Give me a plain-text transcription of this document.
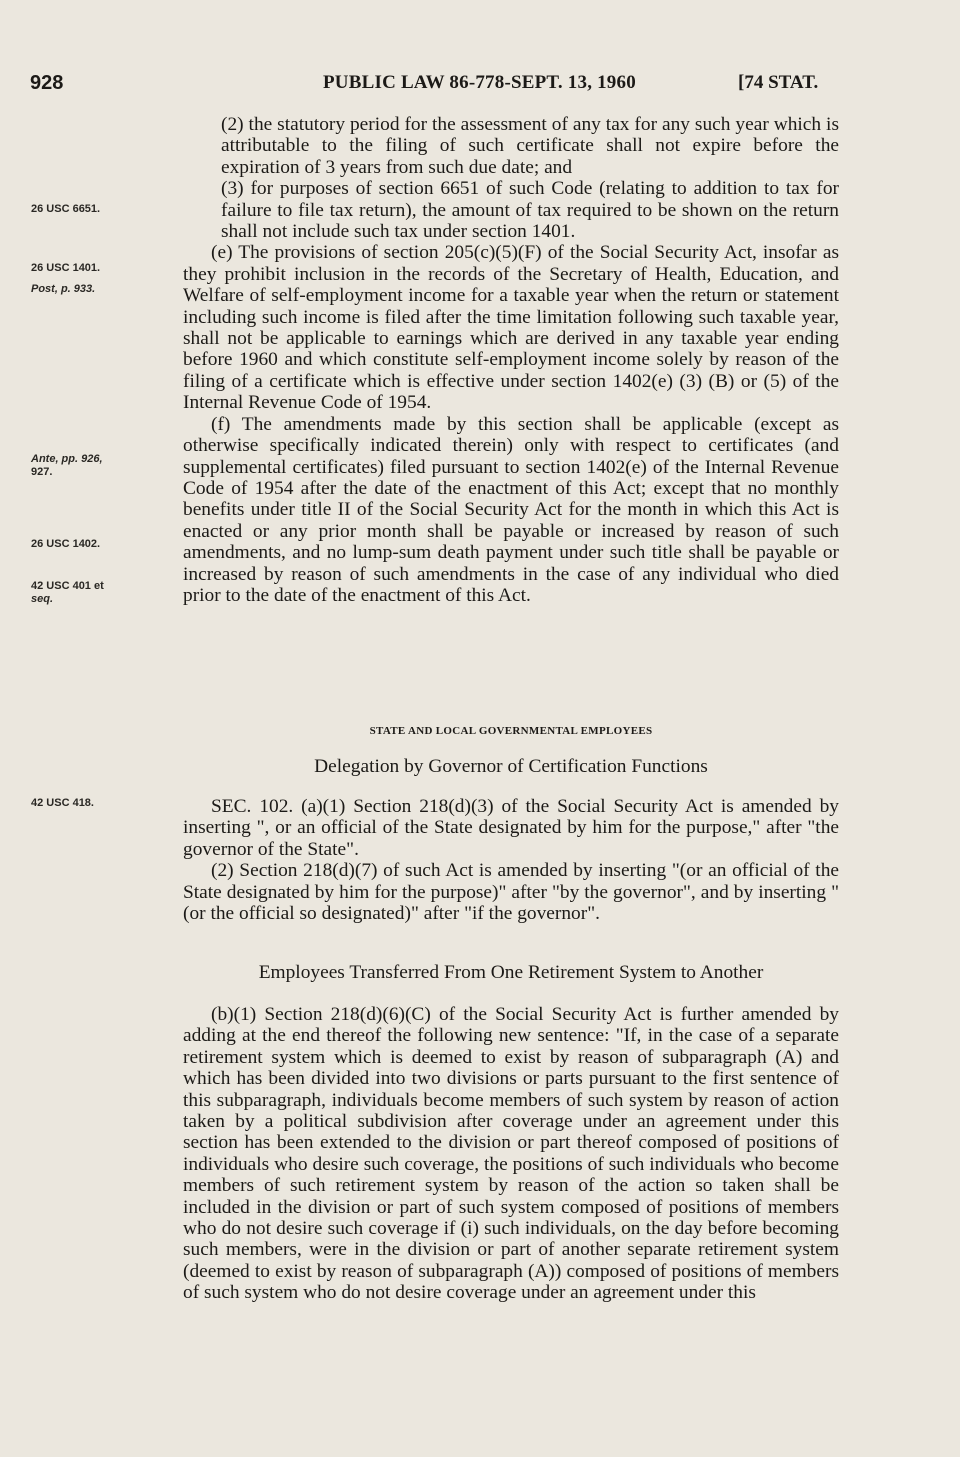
928	PUBLIC LAW 86-778-SEPT. 13, 1960	[74 STAT.
26 USC 6651.
26 USC 1401.
Post, p. 933.
Ante, pp. 926,
927.
26 USC 1402.
42 USC 401 et
seq.
42 USC 418.

(2) the statutory period for the assessment of any tax for any such year which is attributable to the filing of such certificate shall not expire before the expiration of 3 years from such due date; and

(3) for purposes of section 6651 of such Code (relating to addition to tax for failure to file tax return), the amount of tax required to be shown on the return shall not include such tax under section 1401.

(e) The provisions of section 205(c)(5)(F) of the Social Security Act, insofar as they prohibit inclusion in the records of the Secretary of Health, Education, and Welfare of self-employment income for a taxable year when the return or statement including such income is filed after the time limitation following such taxable year, shall not be applicable to earnings which are derived in any taxable year ending before 1960 and which constitute self-employment income solely by reason of the filing of a certificate which is effective under section 1402(e) (3) (B) or (5) of the Internal Revenue Code of 1954.

(f) The amendments made by this section shall be applicable (except as otherwise specifically indicated therein) only with respect to certificates (and supplemental certificates) filed pursuant to section 1402(e) of the Internal Revenue Code of 1954 after the date of the enactment of this Act; except that no monthly benefits under title II of the Social Security Act for the month in which this Act is enacted or any prior month shall be payable or increased by reason of such amendments, and no lump-sum death payment under such title shall be payable or increased by reason of such amendments in the case of any individual who died prior to the date of the enactment of this Act.

STATE AND LOCAL GOVERNMENTAL EMPLOYEES
Delegation by Governor of Certification Functions

SEC. 102. (a)(1) Section 218(d)(3) of the Social Security Act is amended by inserting ", or an official of the State designated by him for the purpose," after "the governor of the State".

(2) Section 218(d)(7) of such Act is amended by inserting "(or an official of the State designated by him for the purpose)" after "by the governor", and by inserting "(or the official so designated)" after "if the governor".

Employees Transferred From One Retirement System to Another

(b)(1) Section 218(d)(6)(C) of the Social Security Act is further amended by adding at the end thereof the following new sentence: "If, in the case of a separate retirement system which is deemed to exist by reason of subparagraph (A) and which has been divided into two divisions or parts pursuant to the first sentence of this subparagraph, individuals become members of such system by reason of action taken by a political subdivision after coverage under an agreement under this section has been extended to the division or part thereof composed of positions of individuals who desire such coverage, the positions of such individuals who become members of such retirement system by reason of the action so taken shall be included in the division or part of such system composed of positions of members who do not desire such coverage if (i) such individuals, on the day before becoming such members, were in the division or part of another separate retirement system (deemed to exist by reason of subparagraph (A)) composed of positions of members of such system who do not desire coverage under an agreement under this
